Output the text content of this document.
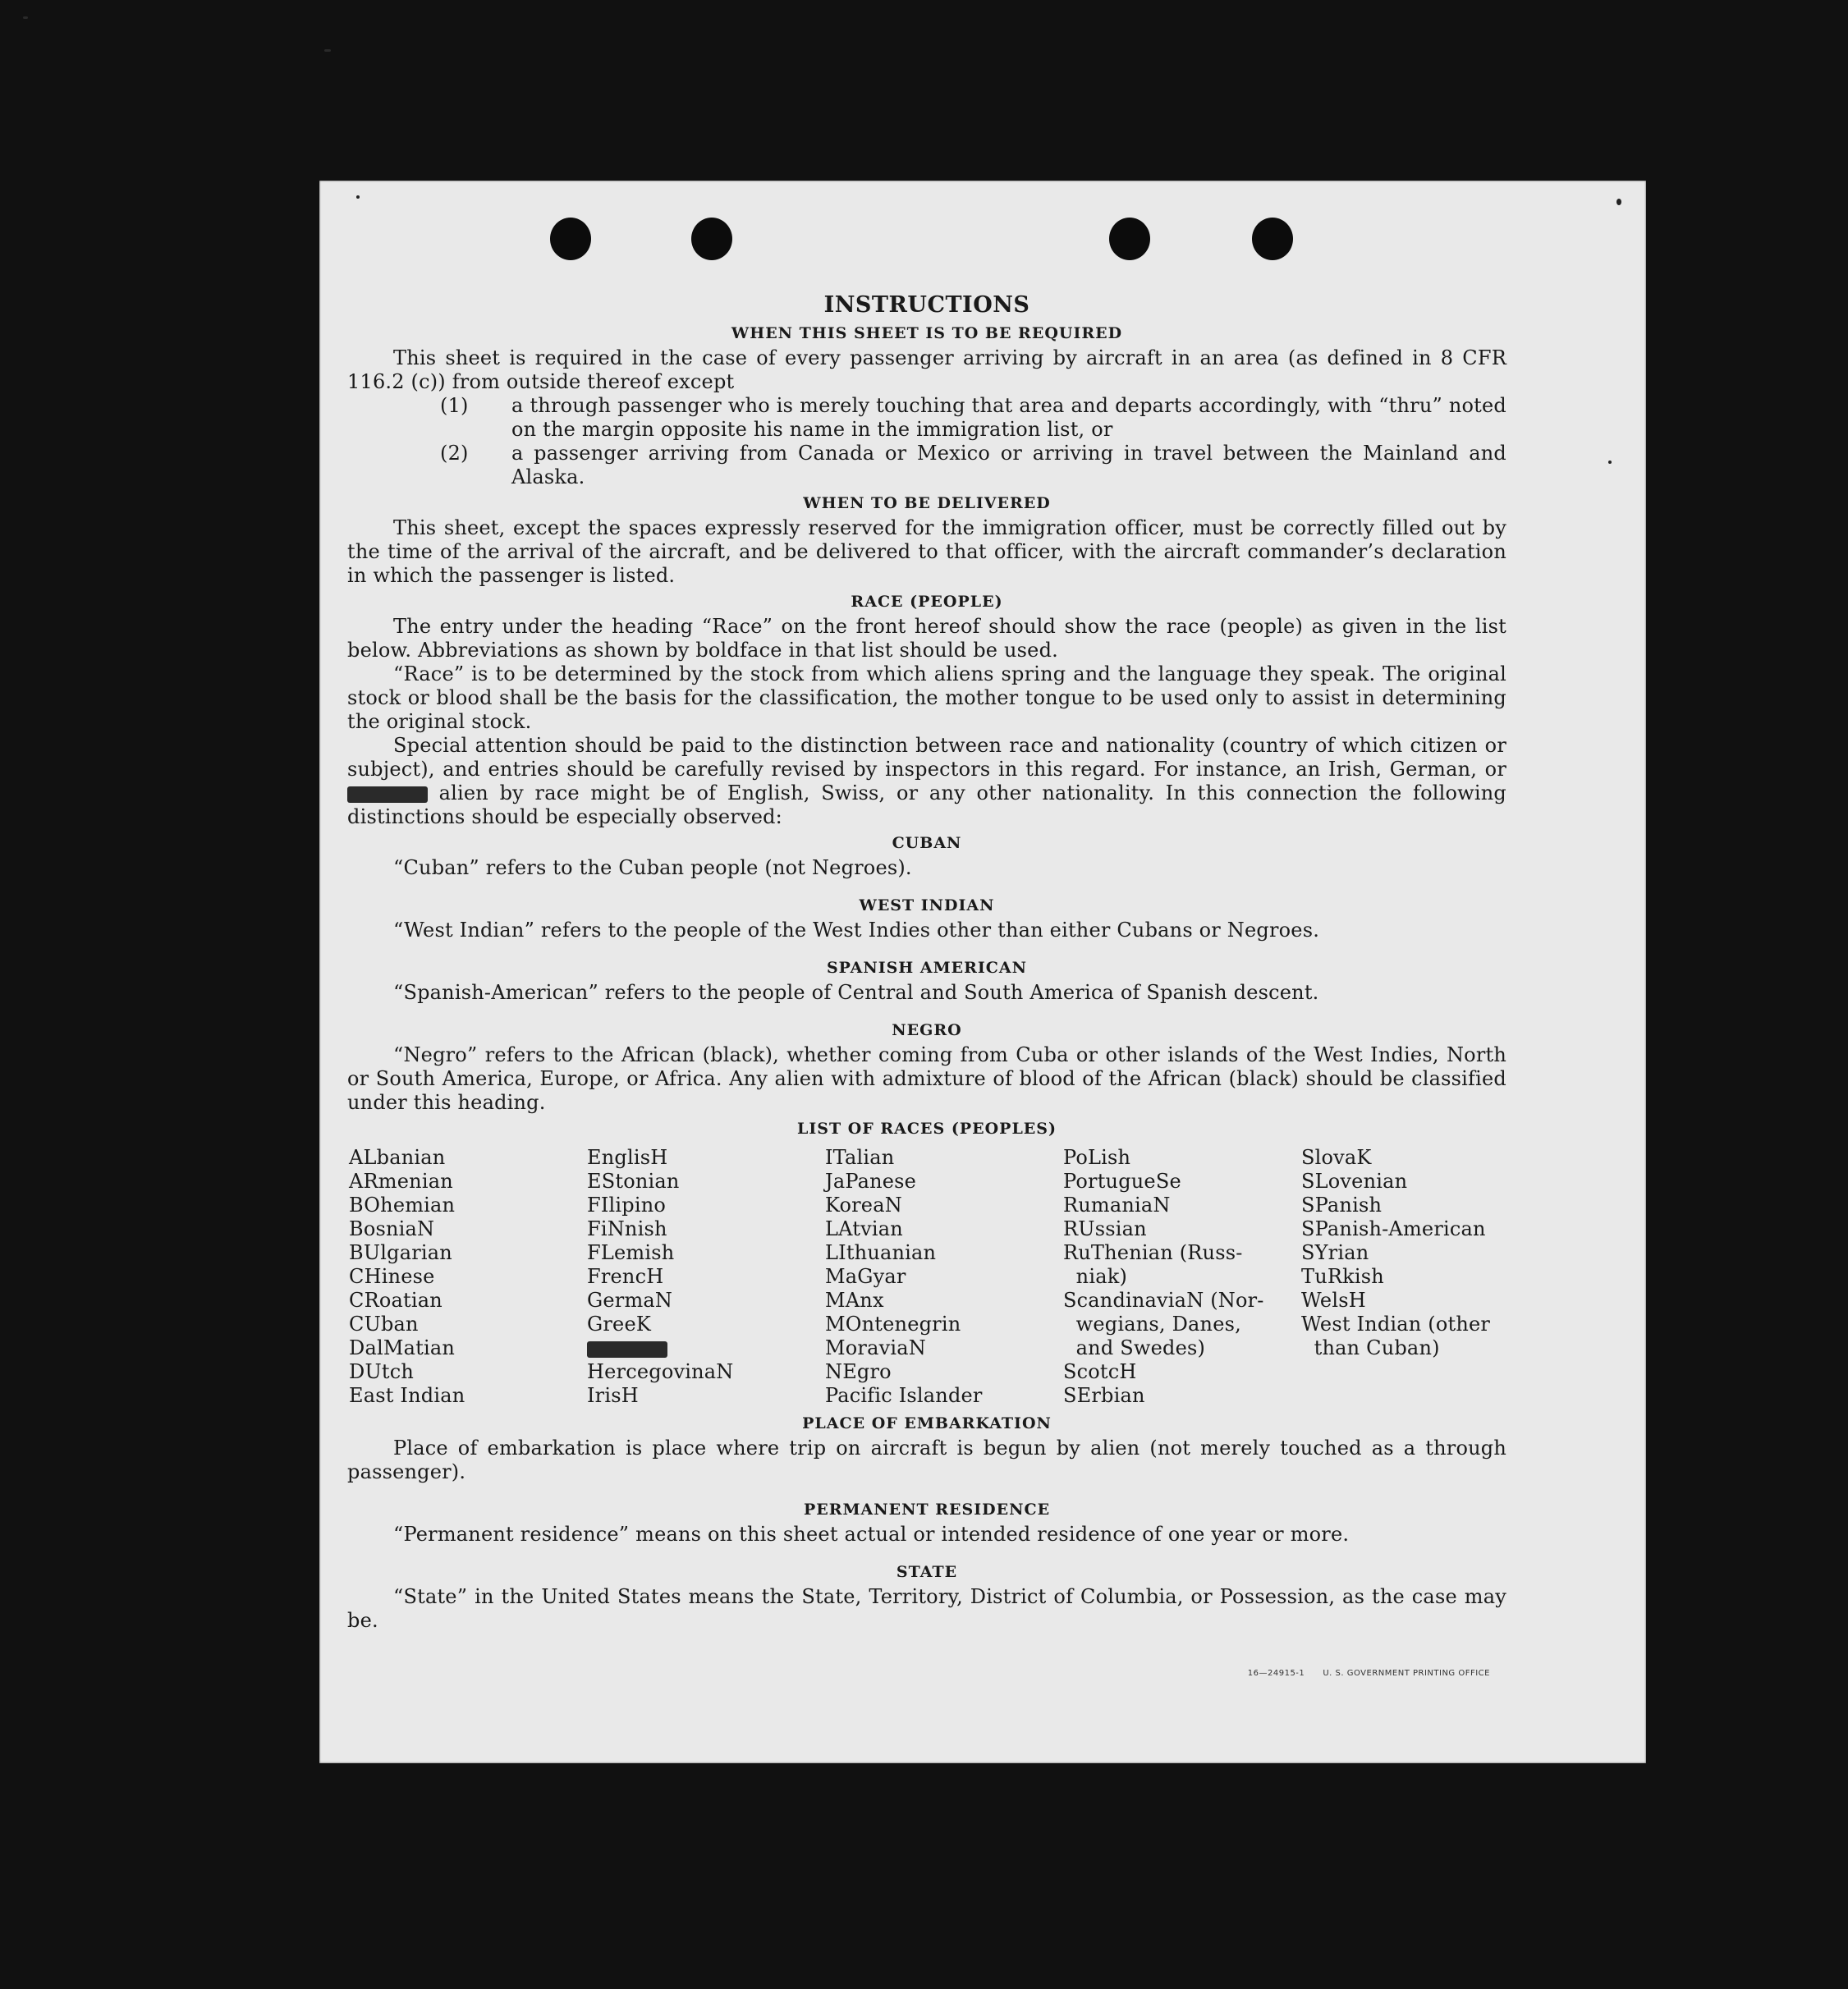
INSTRUCTIONS
WHEN THIS SHEET IS TO BE REQUIRED

This sheet is required in the case of every passenger arriving by aircraft in an area (as defined in 8 CFR 116.2 (c)) from outside thereof except

(1) a through passenger who is merely touching that area and departs accordingly, with “thru” noted on the margin opposite his name in the immigration list, or

(2) a passenger arriving from Canada or Mexico or arriving in travel between the Mainland and Alaska.

WHEN TO BE DELIVERED

This sheet, except the spaces expressly reserved for the immigration officer, must be correctly filled out by the time of the arrival of the aircraft, and be delivered to that officer, with the aircraft commander’s declaration in which the passenger is listed.

RACE (PEOPLE)

The entry under the heading “Race” on the front hereof should show the race (people) as given in the list below. Abbreviations as shown by boldface in that list should be used.

“Race” is to be determined by the stock from which aliens spring and the language they speak. The original stock or blood shall be the basis for the classification, the mother tongue to be used only to assist in determining the original stock.

Special attention should be paid to the distinction between race and nationality (country of which citizen or subject), and entries should be carefully revised by inspectors in this regard. For instance, an Irish, German, or  alien by race might be of English, Swiss, or any other nationality. In this connection the following distinctions should be especially observed:

CUBAN

“Cuban” refers to the Cuban people (not Negroes).

WEST INDIAN

“West Indian” refers to the people of the West Indies other than either Cubans or Negroes.

SPANISH AMERICAN

“Spanish-American” refers to the people of Central and South America of Spanish descent.

NEGRO

“Negro” refers to the African (black), whether coming from Cuba or other islands of the West Indies, North or South America, Europe, or Africa. Any alien with admixture of blood of the African (black) should be classified under this heading.

LIST OF RACES (PEOPLES)
ALbanian
ARmenian
BOhemian
BosniaN
BUlgarian
CHinese
CRoatian
CUban
DalMatian
DUtch
East Indian
EnglisH
EStonian
FIlipino
FiNnish
FLemish
FrencH
GermaN
GreeK
HercegovinaN
IrisH
ITalian
JaPanese
KoreaN
LAtvian
LIthuanian
MaGyar
MAnx
MOntenegrin
MoraviaN
NEgro
Pacific Islander
PoLish
PortugueSe
RumaniaN
RUssian
RuThenian (Russ-
niak)
ScandinaviaN (Nor-
wegians, Danes,
and Swedes)
ScotcH
SErbian
SlovaK
SLovenian
SPanish
SPanish-American
SYrian
TuRkish
WelsH
West Indian (other
than Cuban)
PLACE OF EMBARKATION

Place of embarkation is place where trip on aircraft is begun by alien (not merely touched as a through passenger).

PERMANENT RESIDENCE

“Permanent residence” means on this sheet actual or intended residence of one year or more.

STATE

“State” in the United States means the State, Territory, District of Columbia, or Possession, as the case may be.

16—24915-1 U. S. GOVERNMENT PRINTING OFFICE
